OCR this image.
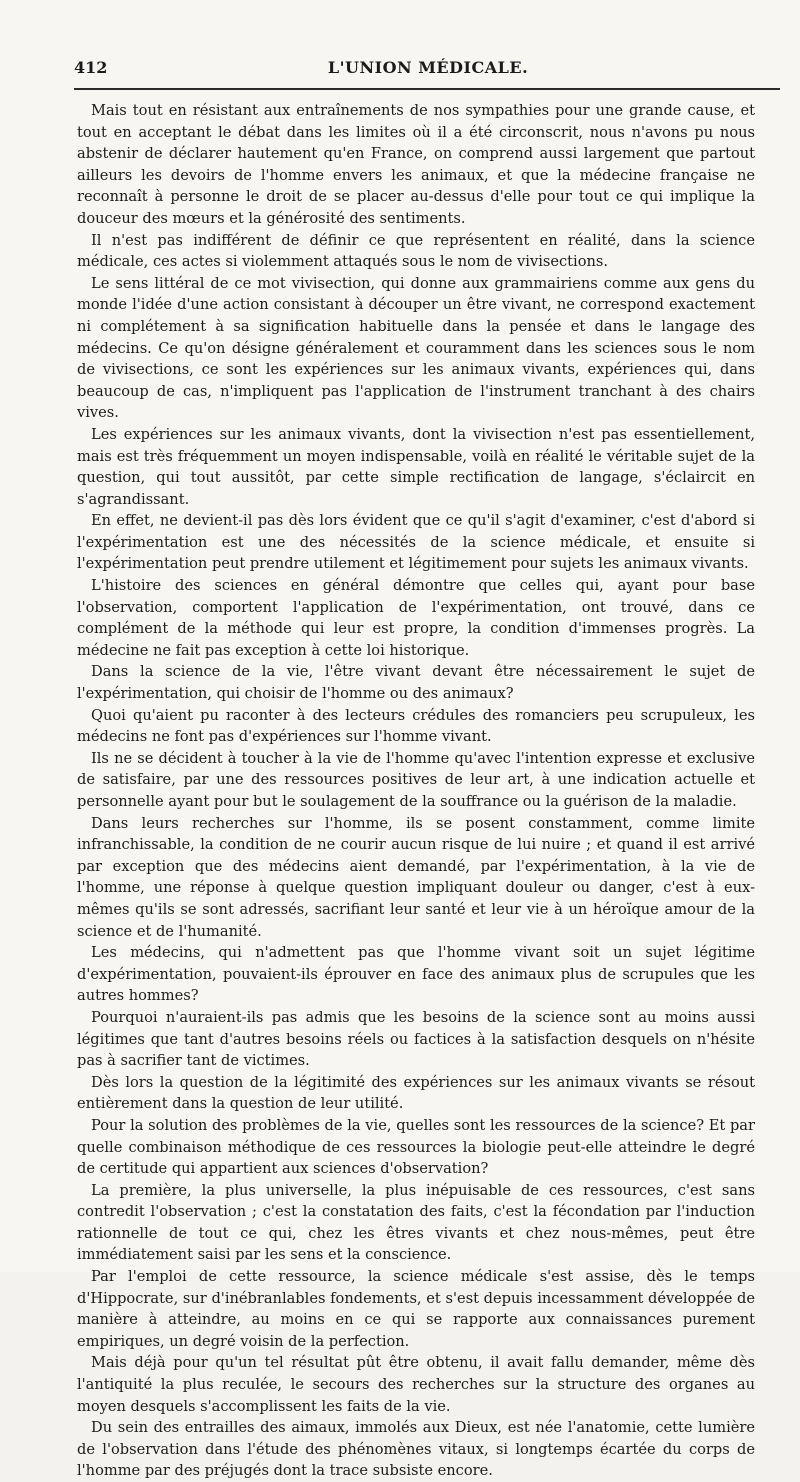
412	L'UNION MÉDICALE.

Mais tout en résistant aux entraînements de nos sympathies pour une grande cause, et tout en acceptant le débat dans les limites où il a été circonscrit, nous n'avons pu nous abstenir de déclarer hautement qu'en France, on comprend aussi largement que partout ailleurs les devoirs de l'homme envers les animaux, et que la médecine française ne reconnaît à personne le droit de se placer au-dessus d'elle pour tout ce qui implique la douceur des mœurs et la générosité des sentiments.

Il n'est pas indifférent de définir ce que représentent en réalité, dans la science médicale, ces actes si violemment attaqués sous le nom de vivisections.

Le sens littéral de ce mot vivisection, qui donne aux grammairiens comme aux gens du monde l'idée d'une action consistant à découper un être vivant, ne correspond exactement ni complétement à sa signification habituelle dans la pensée et dans le langage des médecins. Ce qu'on désigne généralement et couramment dans les sciences sous le nom de vivisections, ce sont les expériences sur les animaux vivants, expériences qui, dans beaucoup de cas, n'impliquent pas l'application de l'instrument tranchant à des chairs vives.

Les expériences sur les animaux vivants, dont la vivisection n'est pas essentiellement, mais est très fréquemment un moyen indispensable, voilà en réalité le véritable sujet de la question, qui tout aussitôt, par cette simple rectification de langage, s'éclaircit en s'agrandissant.

En effet, ne devient-il pas dès lors évident que ce qu'il s'agit d'examiner, c'est d'abord si l'expérimentation est une des nécessités de la science médicale, et ensuite si l'expérimentation peut prendre utilement et légitimement pour sujets les animaux vivants.

L'histoire des sciences en général démontre que celles qui, ayant pour base l'observation, comportent l'application de l'expérimentation, ont trouvé, dans ce complément de la méthode qui leur est propre, la condition d'immenses progrès. La médecine ne fait pas exception à cette loi historique.

Dans la science de la vie, l'être vivant devant être nécessairement le sujet de l'expérimentation, qui choisir de l'homme ou des animaux?

Quoi qu'aient pu raconter à des lecteurs crédules des romanciers peu scrupuleux, les médecins ne font pas d'expériences sur l'homme vivant.

Ils ne se décident à toucher à la vie de l'homme qu'avec l'intention expresse et exclusive de satisfaire, par une des ressources positives de leur art, à une indication actuelle et personnelle ayant pour but le soulagement de la souffrance ou la guérison de la maladie.

Dans leurs recherches sur l'homme, ils se posent constamment, comme limite infranchissable, la condition de ne courir aucun risque de lui nuire ; et quand il est arrivé par exception que des médecins aient demandé, par l'expérimentation, à la vie de l'homme, une réponse à quelque question impliquant douleur ou danger, c'est à eux-mêmes qu'ils se sont adressés, sacrifiant leur santé et leur vie à un héroïque amour de la science et de l'humanité.

Les médecins, qui n'admettent pas que l'homme vivant soit un sujet légitime d'expérimentation, pouvaient-ils éprouver en face des animaux plus de scrupules que les autres hommes?

Pourquoi n'auraient-ils pas admis que les besoins de la science sont au moins aussi légitimes que tant d'autres besoins réels ou factices à la satisfaction desquels on n'hésite pas à sacrifier tant de victimes.

Dès lors la question de la légitimité des expériences sur les animaux vivants se résout entièrement dans la question de leur utilité.

Pour la solution des problèmes de la vie, quelles sont les ressources de la science? Et par quelle combinaison méthodique de ces ressources la biologie peut-elle atteindre le degré de certitude qui appartient aux sciences d'observation?

La première, la plus universelle, la plus inépuisable de ces ressources, c'est sans contredit l'observation ; c'est la constatation des faits, c'est la fécondation par l'induction rationnelle de tout ce qui, chez les êtres vivants et chez nous-mêmes, peut être immédiatement saisi par les sens et la conscience.

Par l'emploi de cette ressource, la science médicale s'est assise, dès le temps d'Hippocrate, sur d'inébranlables fondements, et s'est depuis incessamment développée de manière à atteindre, au moins en ce qui se rapporte aux connaissances purement empiriques, un degré voisin de la perfection.

Mais déjà pour qu'un tel résultat pût être obtenu, il avait fallu demander, même dès l'antiquité la plus reculée, le secours des recherches sur la structure des organes au moyen desquels s'accomplissent les faits de la vie.

Du sein des entrailles des aimaux, immolés aux Dieux, est née l'anatomie, cette lumière de l'observation dans l'étude des phénomènes vitaux, si longtemps écartée du corps de l'homme par des préjugés dont la trace subsiste encore.
